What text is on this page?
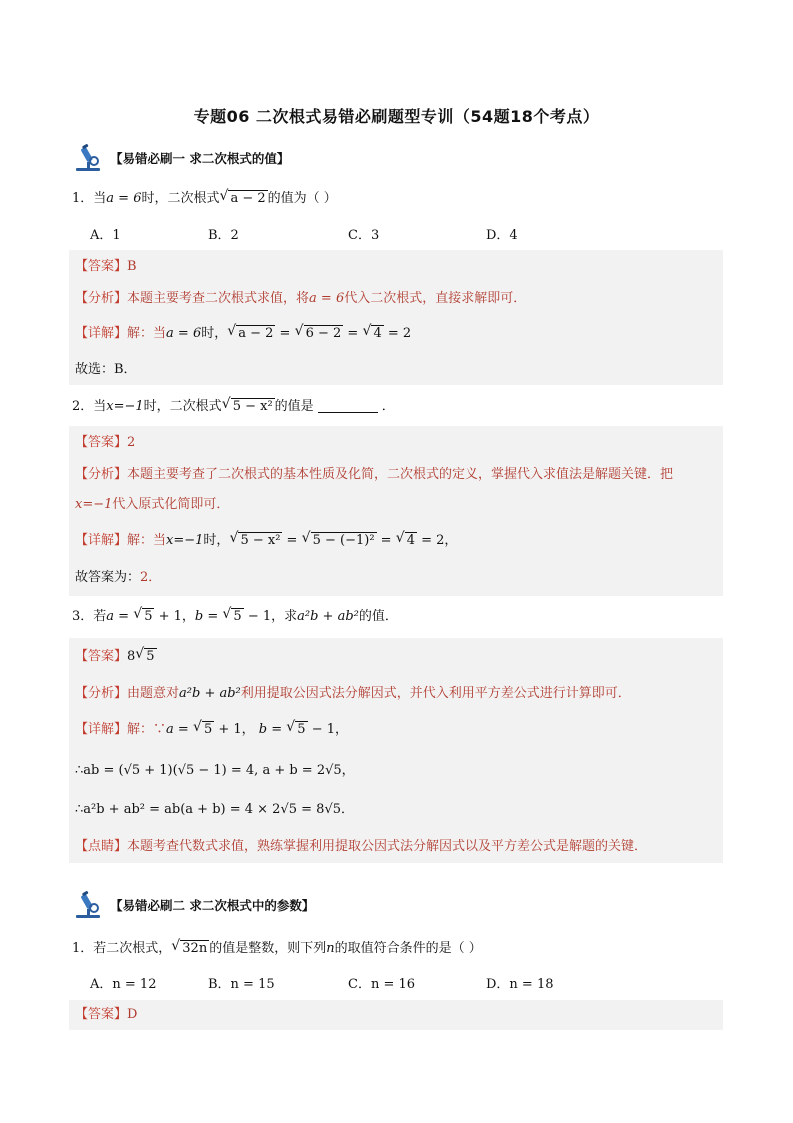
专题06 二次根式易错必刷题型专训（54题18个考点）
【易错必刷一 求二次根式的值】
1．当a = 6时，二次根式 √ a − 2 的值为（ ）
A．1	B．2	C．3	D．4
【答案】B
【分析】本题主要考查二次根式求值，将a = 6代入二次根式，直接求解即可．
【详解】解：当a = 6时， √ a − 2 = √ 6 − 2 = √ 4 = 2
故选：B．
2．当x=−1时，二次根式 √ 5 − x² 的值是	．
【答案】2
【分析】本题主要考查了二次根式的基本性质及化简，二次根式的定义，掌握代入求值法是解题关键．把
x=−1代入原式化简即可．
【详解】解：当x=−1时， √ 5 − x² = √ 5 − (−1)² = √ 4 = 2，
故答案为：2．
3．若a = √ 5 + 1，b = √ 5 − 1，求a²b + ab²的值．
【答案】8 √ 5
【分析】由题意对a²b + ab²利用提取公因式法分解因式，并代入利用平方差公式进行计算即可．
【详解】解：∵a = √ 5 + 1， b = √ 5 − 1，
∴ab = (√5 + 1)(√5 − 1) = 4, a + b = 2√5，
∴a²b + ab² = ab(a + b) = 4 × 2√5 = 8√5．
【点睛】本题考查代数式求值，熟练掌握利用提取公因式法分解因式以及平方差公式是解题的关键．
【易错必刷二 求二次根式中的参数】
1．若二次根式， √ 32n 的值是整数，则下列n的取值符合条件的是（ ）
A．n = 12	B．n = 15	C．n = 16	D．n = 18
【答案】D
